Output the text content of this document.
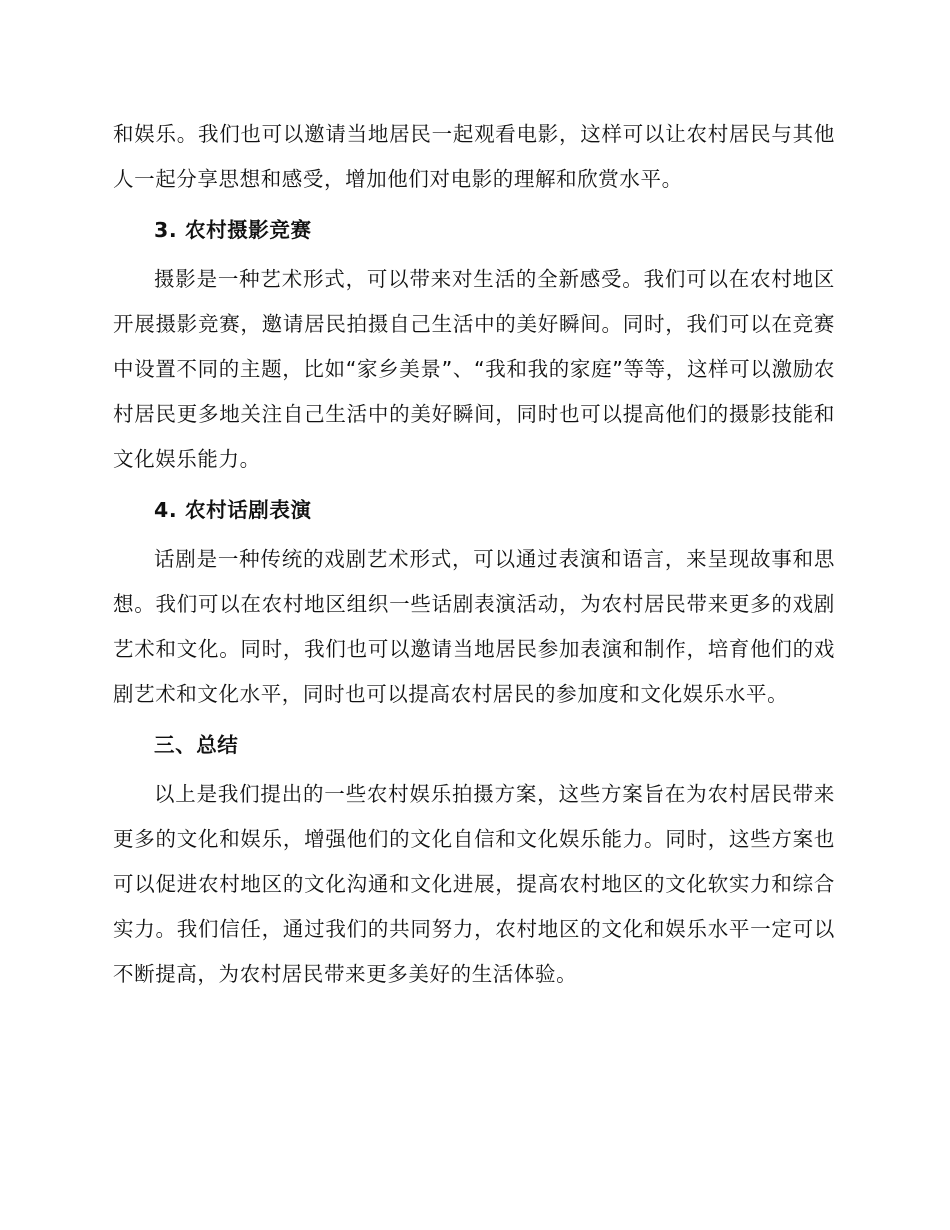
和娱乐。我们也可以邀请当地居民一起观看电影，这样可以让农村居民与其他人一起分享思想和感受，增加他们对电影的理解和欣赏水平。

3. 农村摄影竞赛

摄影是一种艺术形式，可以带来对生活的全新感受。我们可以在农村地区开展摄影竞赛，邀请居民拍摄自己生活中的美好瞬间。同时，我们可以在竞赛中设置不同的主题，比如“家乡美景”、“我和我的家庭”等等，这样可以激励农村居民更多地关注自己生活中的美好瞬间，同时也可以提高他们的摄影技能和文化娱乐能力。

4. 农村话剧表演

话剧是一种传统的戏剧艺术形式，可以通过表演和语言，来呈现故事和思想。我们可以在农村地区组织一些话剧表演活动，为农村居民带来更多的戏剧艺术和文化。同时，我们也可以邀请当地居民参加表演和制作，培育他们的戏剧艺术和文化水平，同时也可以提高农村居民的参加度和文化娱乐水平。

三、总结

以上是我们提出的一些农村娱乐拍摄方案，这些方案旨在为农村居民带来更多的文化和娱乐，增强他们的文化自信和文化娱乐能力。同时，这些方案也可以促进农村地区的文化沟通和文化进展，提高农村地区的文化软实力和综合实力。我们信任，通过我们的共同努力，农村地区的文化和娱乐水平一定可以不断提高，为农村居民带来更多美好的生活体验。
